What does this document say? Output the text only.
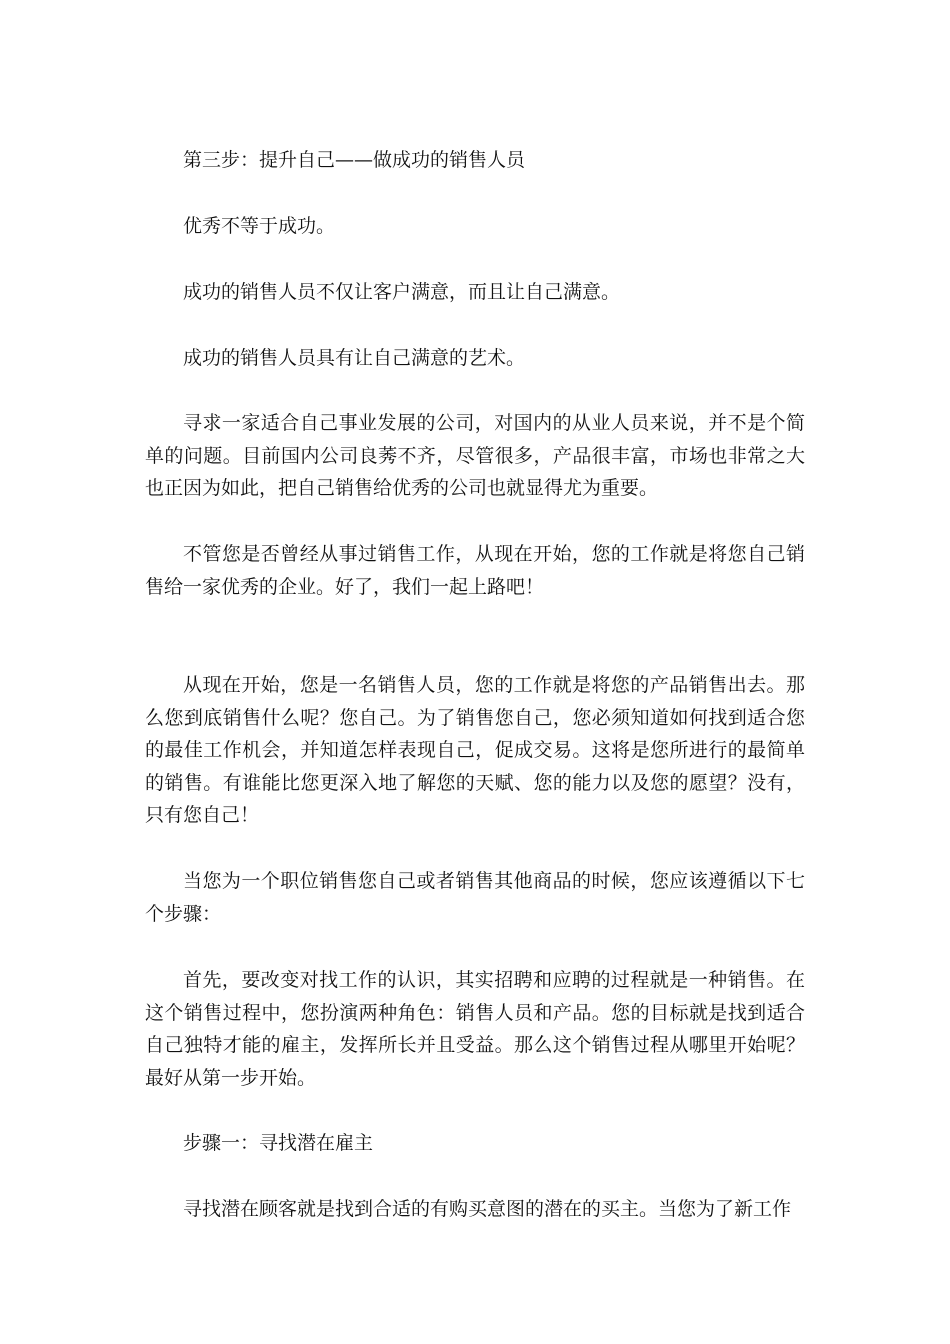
第三步：提升自己——做成功的销售人员

优秀不等于成功。

成功的销售人员不仅让客户满意，而且让自己满意。

成功的销售人员具有让自己满意的艺术。

寻求一家适合自己事业发展的公司，对国内的从业人员来说，并不是个简单的问题。目前国内公司良莠不齐，尽管很多，产品很丰富，市场也非常之大也正因为如此，把自己销售给优秀的公司也就显得尤为重要。

不管您是否曾经从事过销售工作，从现在开始，您的工作就是将您自己销售给一家优秀的企业。好了，我们一起上路吧！

从现在开始，您是一名销售人员，您的工作就是将您的产品销售出去。那么您到底销售什么呢？您自己。为了销售您自己，您必须知道如何找到适合您的最佳工作机会，并知道怎样表现自己，促成交易。这将是您所进行的最简单的销售。有谁能比您更深入地了解您的天赋、您的能力以及您的愿望？没有，只有您自己！

当您为一个职位销售您自己或者销售其他商品的时候，您应该遵循以下七个步骤：

首先，要改变对找工作的认识，其实招聘和应聘的过程就是一种销售。在这个销售过程中，您扮演两种角色：销售人员和产品。您的目标就是找到适合自己独特才能的雇主，发挥所长并且受益。那么这个销售过程从哪里开始呢？最好从第一步开始。

步骤一：寻找潜在雇主

寻找潜在顾客就是找到合适的有购买意图的潜在的买主。当您为了新工作
